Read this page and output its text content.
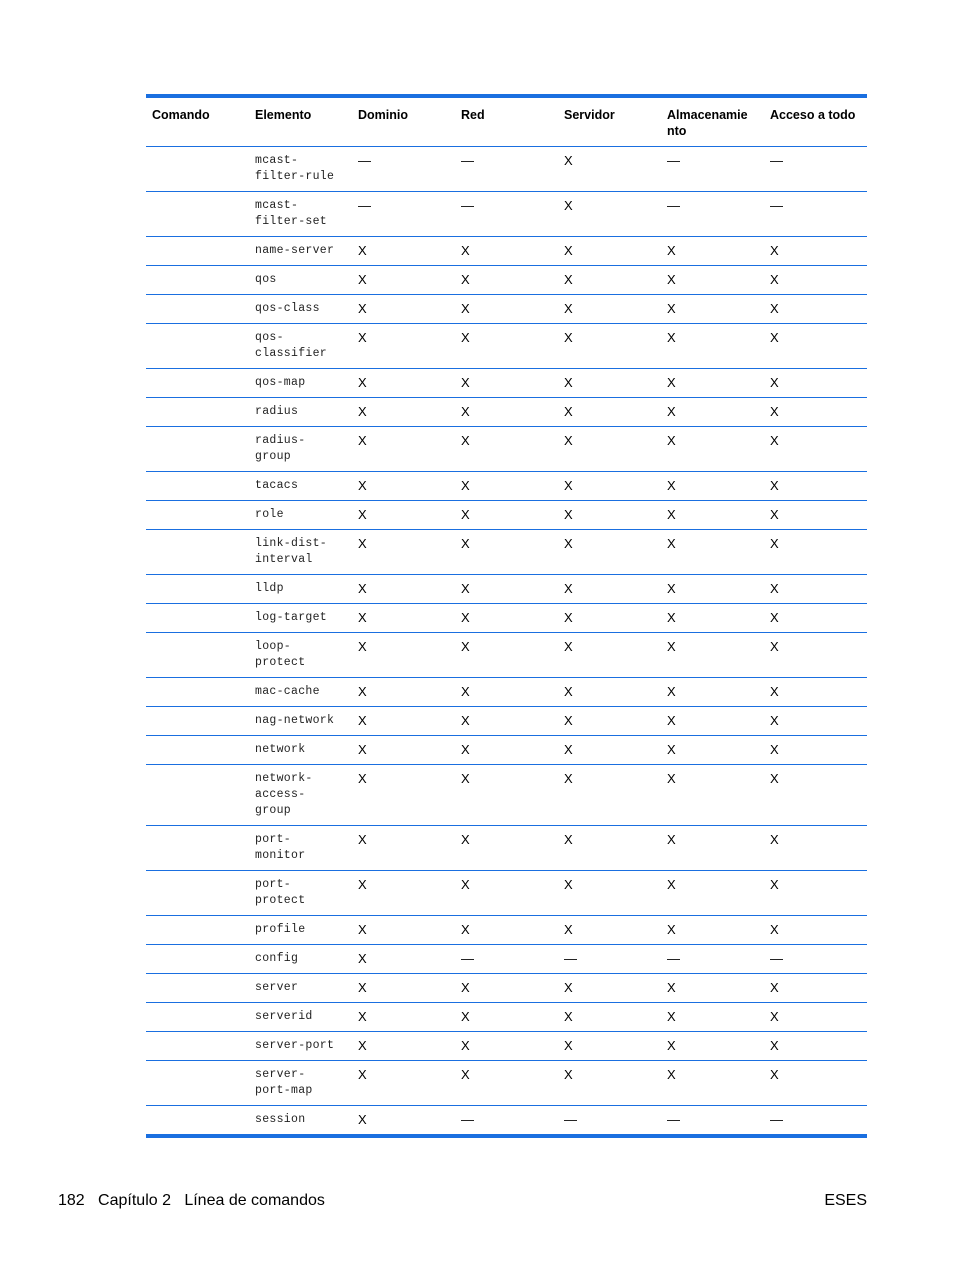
Comando	Elemento	Dominio	Red	Servidor	Almacenamie nto	Acceso a todo
	mcast- filter-rule	—	—	X	—	—
	mcast- filter-set	—	—	X	—	—
	name-server	X	X	X	X	X
	qos	X	X	X	X	X
	qos-class	X	X	X	X	X
	qos- classifier	X	X	X	X	X
	qos-map	X	X	X	X	X
	radius	X	X	X	X	X
	radius- group	X	X	X	X	X
	tacacs	X	X	X	X	X
	role	X	X	X	X	X
	link-dist- interval	X	X	X	X	X
	lldp	X	X	X	X	X
	log-target	X	X	X	X	X
	loop- protect	X	X	X	X	X
	mac-cache	X	X	X	X	X
	nag-network	X	X	X	X	X
	network	X	X	X	X	X
	network- access- group	X	X	X	X	X
	port- monitor	X	X	X	X	X
	port- protect	X	X	X	X	X
	profile	X	X	X	X	X
	config	X	—	—	—	—
	server	X	X	X	X	X
	serverid	X	X	X	X	X
	server-port	X	X	X	X	X
	server- port-map	X	X	X	X	X
	session	X	—	—	—	—
182 Capítulo 2 Línea de comandos	ESES
